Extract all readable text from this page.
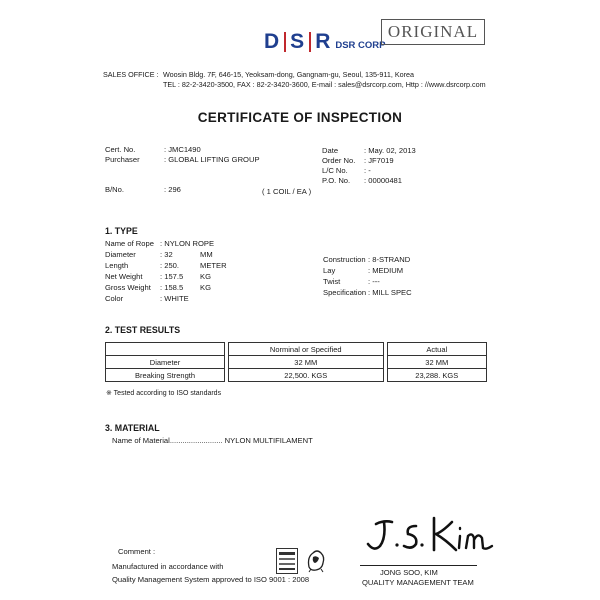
D S R DSR CORP
ORIGINAL
SALES OFFICE : Woosin Bldg. 7F, 646-15, Yeoksam-dong, Gangnam-gu, Seoul, 135-911, Korea
TEL : 82-2-3420-3500, FAX : 82-2-3420-3600, E-mail : sales@dsrcorp.com, Http : //www.dsrcorp.com
CERTIFICATE OF INSPECTION
Cert. No.	: JMC1490
Purchaser	: GLOBAL LIFTING GROUP
B/No.	: 296	( 1 COIL / EA )
Date	: May. 02, 2013
Order No. : JF7019
L/C No. : -
P.O. No. : 00000481
1. TYPE
Name of Rope : NYLON ROPE
Diameter	: 32	MM
Length	: 250.	METER
Net Weight : 157.5 KG
Gross Weight : 158.5 KG
Color	: WHITE
Construction : 8-STRAND
Lay	: MEDIUM
Twist	: ---
Specification : MILL SPEC
2. TEST RESULTS
		Norminal or Specified		Actual
Diameter		32 MM		32 MM
Breaking Strength		22,500. KGS		23,288. KGS
※ Tested according to ISO standards
3. MATERIAL
Name of Material......................... NYLON MULTIFILAMENT
Comment :
Manufactured in accordance with
Quality Management System approved to ISO 9001 : 2008
JONG SOO, KIM
QUALITY MANAGEMENT TEAM
